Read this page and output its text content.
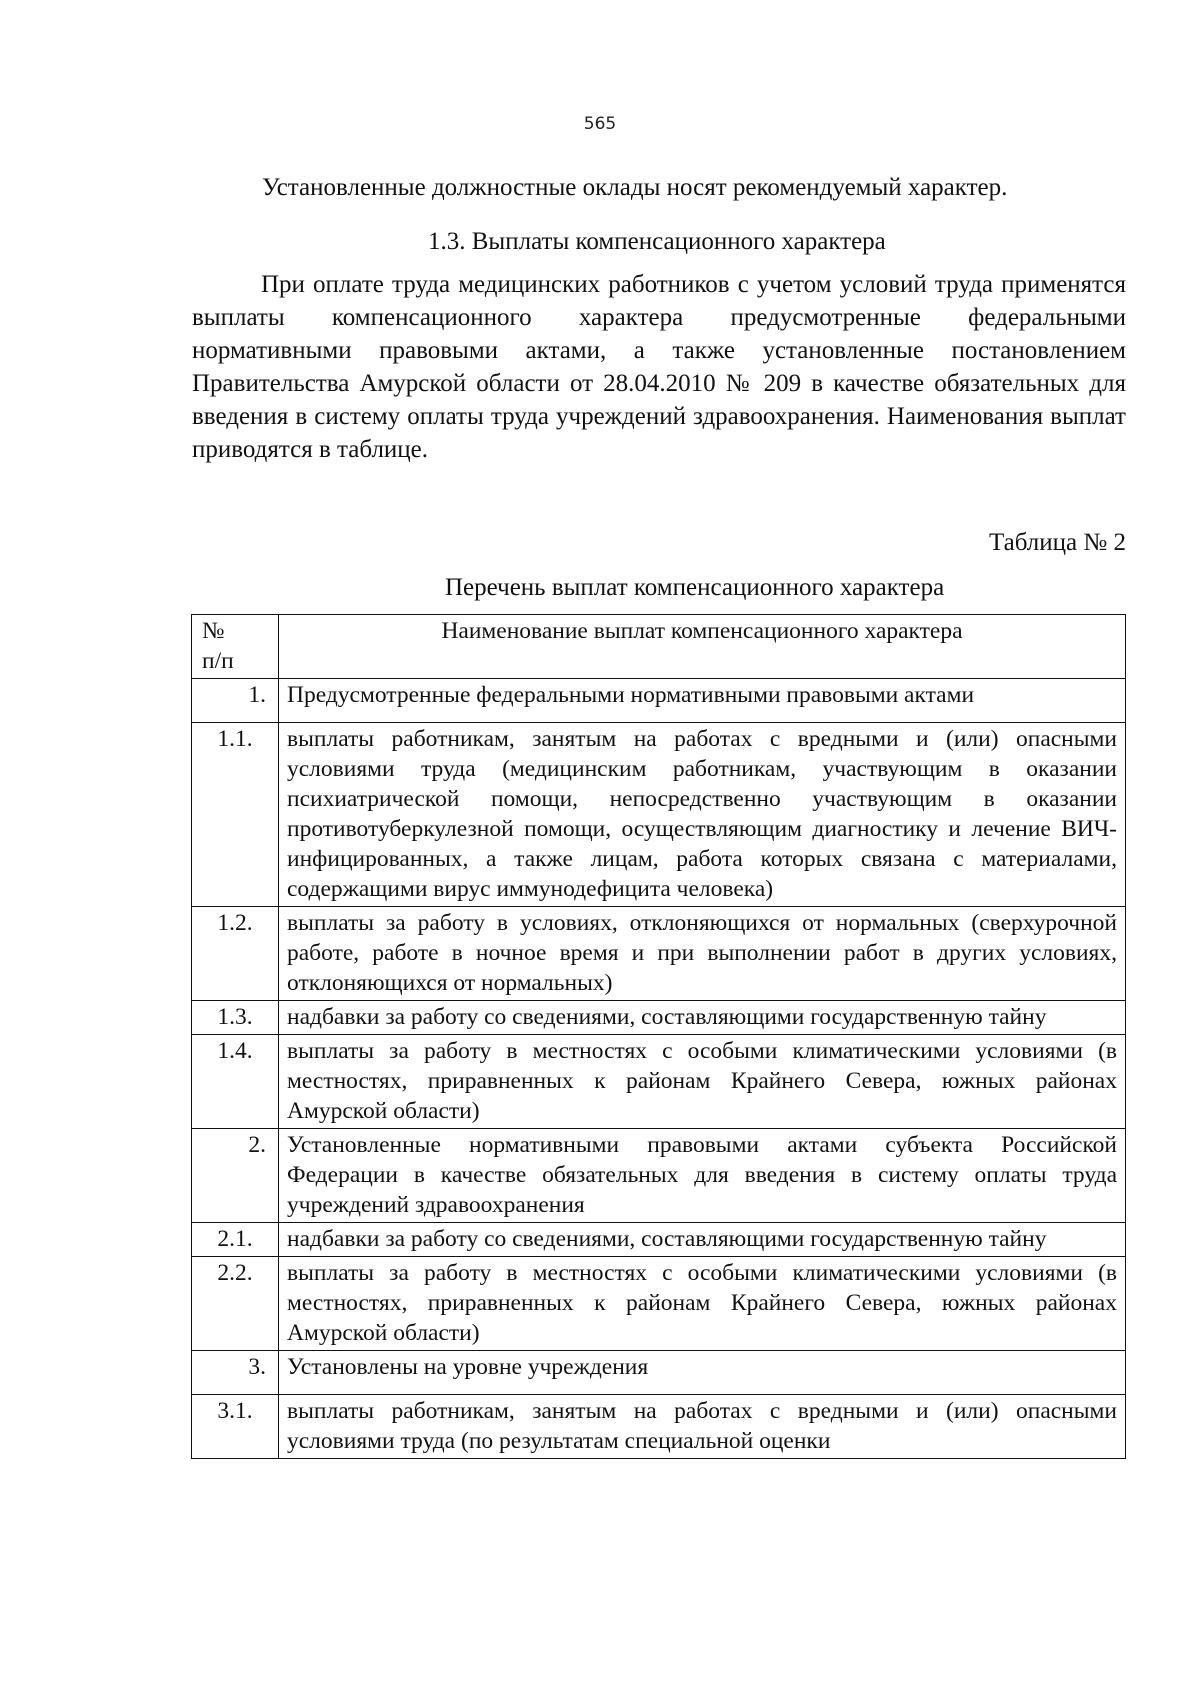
565
Установленные должностные оклады носят рекомендуемый характер.
1.3. Выплаты компенсационного характера
При оплате труда медицинских работников с учетом условий труда применятся выплаты компенсационного характера предусмотренные федеральными нормативными правовыми актами, а также установленные постановлением Правительства Амурской области от 28.04.2010 № 209 в качестве обязательных для введения в систему оплаты труда учреждений здравоохранения. Наименования выплат приводятся в таблице.
Таблица № 2
Перечень выплат компенсационного характера
№ п/п	Наименование выплат компенсационного характера
1.	Предусмотренные федеральными нормативными правовыми актами
1.1.	выплаты работникам, занятым на работах с вредными и (или) опасными условиями труда (медицинским работникам, участвующим в оказании психиатрической помощи, непосредственно участвующим в оказании противотуберкулезной помощи, осуществляющим диагностику и лечение ВИЧ-инфицированных, а также лицам, работа которых связана с материалами, содержащими вирус иммунодефицита человека)
1.2.	выплаты за работу в условиях, отклоняющихся от нормальных (сверхурочной работе, работе в ночное время и при выполнении работ в других условиях, отклоняющихся от нормальных)
1.3.	надбавки за работу со сведениями, составляющими государственную тайну
1.4.	выплаты за работу в местностях с особыми климатическими условиями (в местностях, приравненных к районам Крайнего Севера, южных районах Амурской области)
2.	Установленные нормативными правовыми актами субъекта Российской Федерации в качестве обязательных для введения в систему оплаты труда учреждений здравоохранения
2.1.	надбавки за работу со сведениями, составляющими государственную тайну
2.2.	выплаты за работу в местностях с особыми климатическими условиями (в местностях, приравненных к районам Крайнего Севера, южных районах Амурской области)
3.	Установлены на уровне учреждения
3.1.	выплаты работникам, занятым на работах с вредными и (или) опасными условиями труда (по результатам специальной оценки
